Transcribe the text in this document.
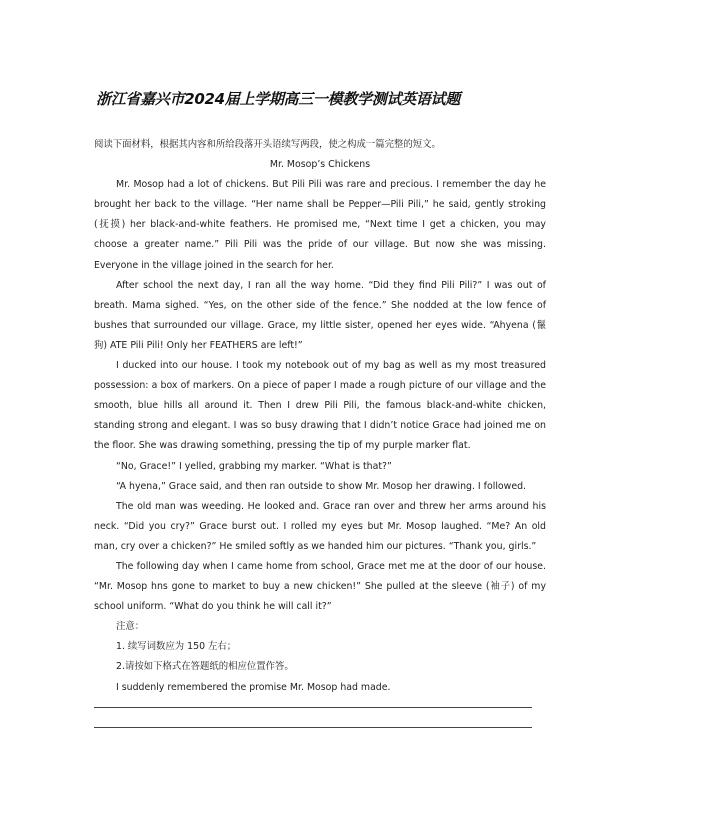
浙江省嘉兴市2024届上学期高三一模教学测试英语试题

阅读下面材料，根据其内容和所给段落开头语续写两段，使之构成一篇完整的短文。

Mr. Mosop’s Chickens

Mr. Mosop had a lot of chickens. But Pili Pili was rare and precious. I remember the day he brought her back to the village. “Her name shall be Pepper—Pili Pili,” he said, gently stroking (抚摸) her black-and-white feathers. He promised me, “Next time I get a chicken, you may choose a greater name.” Pili Pili was the pride of our village. But now she was missing. Everyone in the village joined in the search for her.

After school the next day, I ran all the way home. “Did they find Pili Pili?” I was out of breath. Mama sighed. “Yes, on the other side of the fence.” She nodded at the low fence of bushes that surrounded our village. Grace, my little sister, opened her eyes wide. “Ahyena (鬣狗) ATE Pili Pili! Only her FEATHERS are left!”

I ducked into our house. I took my notebook out of my bag as well as my most treasured possession: a box of markers. On a piece of paper I made a rough picture of our village and the smooth, blue hills all around it. Then I drew Pili Pili, the famous black-and-white chicken, standing strong and elegant. I was so busy drawing that I didn’t notice Grace had joined me on the floor. She was drawing something, pressing the tip of my purple marker flat.

“No, Grace!” I yelled, grabbing my marker. “What is that?”

“A hyena,” Grace said, and then ran outside to show Mr. Mosop her drawing. I followed.

The old man was weeding. He looked and. Grace ran over and threw her arms around his neck. “Did you cry?” Grace burst out. I rolled my eyes but Mr. Mosop laughed. “Me? An old man, cry over a chicken?” He smiled softly as we handed him our pictures. “Thank you, girls.”

The following day when I came home from school, Grace met me at the door of our house. “Mr. Mosop hns gone to market to buy a new chicken!” She pulled at the sleeve (袖子) of my school uniform. “What do you think he will call it?”

注意：

1. 续写词数应为 150 左右；

2.请按如下格式在答题纸的相应位置作答。

I suddenly remembered the promise Mr. Mosop had made.
